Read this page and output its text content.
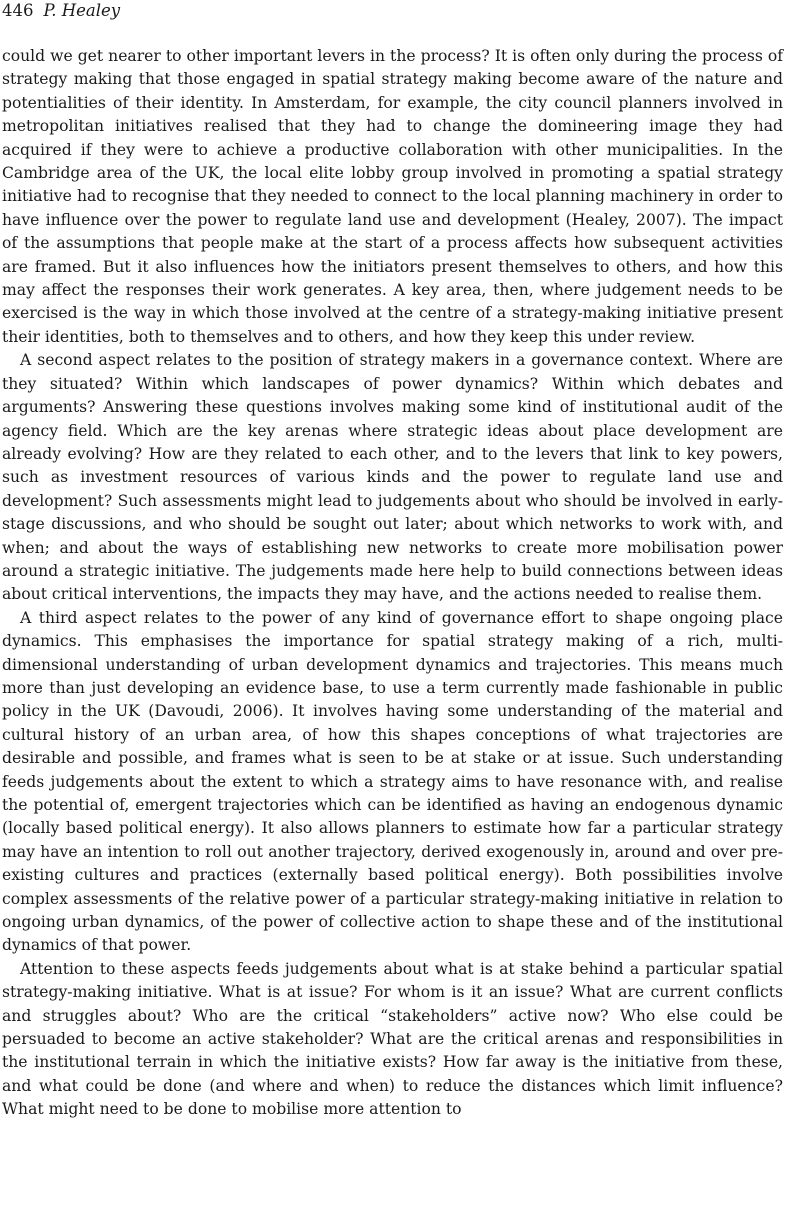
446 P. Healey

could we get nearer to other important levers in the process? It is often only during the process of strategy making that those engaged in spatial strategy making become aware of the nature and potentialities of their identity. In Amsterdam, for example, the city council planners involved in metropolitan initiatives realised that they had to change the domineering image they had acquired if they were to achieve a productive collaboration with other municipalities. In the Cambridge area of the UK, the local elite lobby group involved in promoting a spatial strategy initiative had to recognise that they needed to connect to the local planning machinery in order to have influence over the power to regulate land use and development (Healey, 2007). The impact of the assumptions that people make at the start of a process affects how subsequent activities are framed. But it also influences how the initiators present themselves to others, and how this may affect the responses their work generates. A key area, then, where judgement needs to be exercised is the way in which those involved at the centre of a strategy-making initiative present their identities, both to themselves and to others, and how they keep this under review.

A second aspect relates to the position of strategy makers in a governance context. Where are they situated? Within which landscapes of power dynamics? Within which debates and arguments? Answering these questions involves making some kind of institutional audit of the agency field. Which are the key arenas where strategic ideas about place development are already evolving? How are they related to each other, and to the levers that link to key powers, such as investment resources of various kinds and the power to regulate land use and development? Such assessments might lead to judgements about who should be involved in early-stage discussions, and who should be sought out later; about which networks to work with, and when; and about the ways of establishing new networks to create more mobilisation power around a strategic initiative. The judgements made here help to build connections between ideas about critical interventions, the impacts they may have, and the actions needed to realise them.

A third aspect relates to the power of any kind of governance effort to shape ongoing place dynamics. This emphasises the importance for spatial strategy making of a rich, multi-dimensional understanding of urban development dynamics and trajectories. This means much more than just developing an evidence base, to use a term currently made fashionable in public policy in the UK (Davoudi, 2006). It involves having some understanding of the material and cultural history of an urban area, of how this shapes conceptions of what trajectories are desirable and possible, and frames what is seen to be at stake or at issue. Such understanding feeds judgements about the extent to which a strategy aims to have resonance with, and realise the potential of, emergent trajectories which can be identified as having an endogenous dynamic (locally based political energy). It also allows planners to estimate how far a particular strategy may have an intention to roll out another trajectory, derived exogenously in, around and over pre-existing cultures and practices (externally based political energy). Both possibilities involve complex assessments of the relative power of a particular strategy-making initiative in relation to ongoing urban dynamics, of the power of collective action to shape these and of the institutional dynamics of that power.

Attention to these aspects feeds judgements about what is at stake behind a particular spatial strategy-making initiative. What is at issue? For whom is it an issue? What are current conflicts and struggles about? Who are the critical “stakeholders” active now? Who else could be persuaded to become an active stakeholder? What are the critical arenas and responsibilities in the institutional terrain in which the initiative exists? How far away is the initiative from these, and what could be done (and where and when) to reduce the distances which limit influence? What might need to be done to mobilise more attention to
